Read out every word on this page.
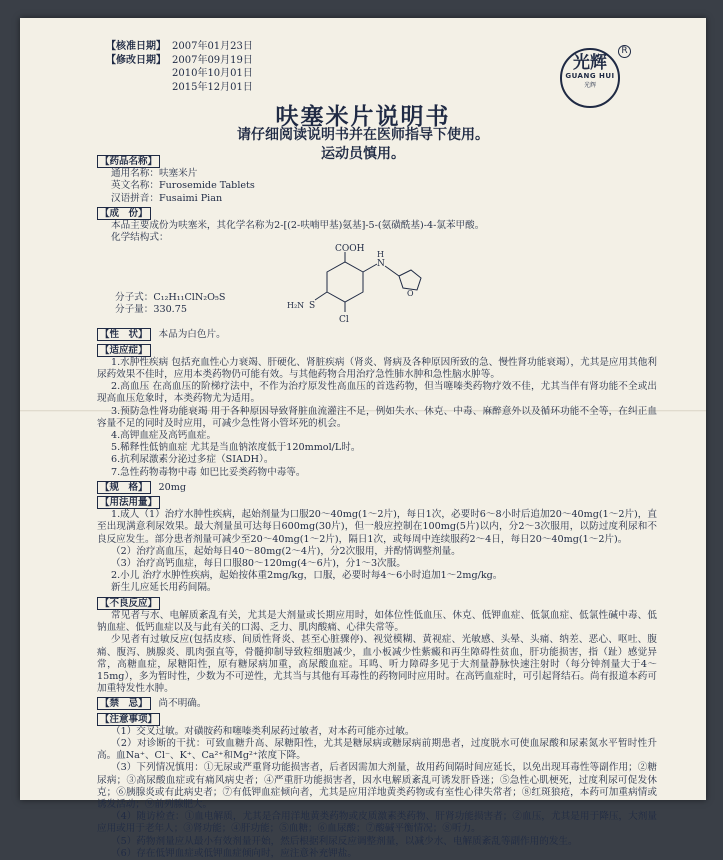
【核准日期】 2007年01月23日
【修改日期】 2007年09月19日
2010年10月01日
2015年12月01日
光辉
GUANG HUI
光辉
R
呋塞米片说明书
请仔细阅读说明书并在医师指导下使用。
运动员慎用。
【药品名称】
通用名称：呋塞米片
英文名称：Furosemide Tablets
汉语拼音：Fusaimi Pian
【成　份】

本品主要成份为呋塞米，其化学名称为2-[(2-呋喃甲基)氨基]-5-(氨磺酰基)-4-氯苯甲酸。

化学结构式：
COOH
N
H
O
S
H₂N
Cl
分子式：C₁₂H₁₁ClN₂O₅S
分子量：330.75
【性　状】	本品为白色片。
【适应症】

1.水肿性疾病 包括充血性心力衰竭、肝硬化、肾脏疾病（肾炎、肾病及各种原因所致的急、慢性肾功能衰竭），尤其是应用其他利尿药效果不佳时，应用本类药物仍可能有效。与其他药物合用治疗急性肺水肿和急性脑水肿等。

2.高血压 在高血压的阶梯疗法中，不作为治疗原发性高血压的首选药物，但当噻嗪类药物疗效不佳，尤其当伴有肾功能不全或出现高血压危象时，本类药物尤为适用。

3.预防急性肾功能衰竭 用于各种原因导致肾脏血流灌注不足，例如失水、休克、中毒、麻醉意外以及循环功能不全等，在纠正血容量不足的同时及时应用，可减少急性肾小管坏死的机会。

4.高钾血症及高钙血症。

5.稀释性低钠血症 尤其是当血钠浓度低于120mmol/L时。

6.抗利尿激素分泌过多症（SIADH）。

7.急性药物毒物中毒 如巴比妥类药物中毒等。

【规　格】	20mg
【用法用量】

1.成人（1）治疗水肿性疾病，起始剂量为口服20～40mg(1～2片)，每日1次，必要时6～8小时后追加20～40mg(1～2片)，直至出现满意利尿效果。最大剂量虽可达每日600mg(30片)，但一般应控制在100mg(5片)以内，分2～3次服用，以防过度利尿和不良反应发生。部分患者剂量可减少至20～40mg(1～2片)，隔日1次，或每周中连续服药2～4日，每日20～40mg(1～2片)。

（2）治疗高血压，起始每日40～80mg(2～4片)，分2次服用，并酌情调整剂量。

（3）治疗高钙血症，每日口服80～120mg(4～6片)，分1～3次服。

2.小儿 治疗水肿性疾病，起始按体重2mg/kg，口服，必要时每4～6小时追加1～2mg/kg。

新生儿应延长用药间隔。

【不良反应】

常见者与水、电解质紊乱有关，尤其是大剂量或长期应用时，如体位性低血压、休克、低钾血症、低氯血症、低氯性碱中毒、低钠血症、低钙血症以及与此有关的口渴、乏力、肌肉酸痛、心律失常等。

少见者有过敏反应(包括皮疹、间质性肾炎、甚至心脏骤停)、视觉模糊、黄视症、光敏感、头晕、头痛、纳差、恶心、呕吐、腹痛、腹泻、胰腺炎、肌肉强直等，骨髓抑制导致粒细胞减少，血小板减少性紫癜和再生障碍性贫血，肝功能损害，指（趾）感觉异常，高糖血症，尿糖阳性，原有糖尿病加重，高尿酸血症。耳鸣、听力障碍多见于大剂量静脉快速注射时（每分钟剂量大于4～15mg），多为暂时性，少数为不可逆性，尤其当与其他有耳毒性的药物同时应用时。在高钙血症时，可引起肾结石。尚有报道本药可加重特发性水肿。

【禁　忌】	尚不明确。
【注意事项】

（1）交叉过敏。对磺胺药和噻嗪类利尿药过敏者，对本药可能亦过敏。

（2）对诊断的干扰：可致血糖升高、尿糖阳性，尤其是糖尿病或糖尿病前期患者，过度脱水可使血尿酸和尿素氮水平暂时性升高。血Na⁺、Cl⁻、K⁺、Ca²⁺和Mg²⁺浓度下降。

（3）下列情况慎用：①无尿或严重肾功能损害者，后者因需加大剂量，故用药间隔时间应延长，以免出现耳毒性等副作用；②糖尿病；③高尿酸血症或有痛风病史者；④严重肝功能损害者，因水电解质紊乱可诱发肝昏迷；⑤急性心肌梗死，过度利尿可促发休克；⑥胰腺炎或有此病史者；⑦有低钾血症倾向者，尤其是应用洋地黄类药物或有室性心律失常者；⑧红斑狼疮，本药可加重病情或诱发活动；⑨前列腺肥大。

（4）随访检查：①血电解质，尤其是合用洋地黄类药物或皮质激素类药物、肝肾功能损害者；②血压，尤其是用于降压，大剂量应用或用于老年人；③肾功能；④肝功能；⑤血糖；⑥血尿酸；⑦酸碱平衡情况；⑧听力。

（5）药物剂量应从最小有效剂量开始，然后根据利尿反应调整剂量，以减少水、电解质紊乱等副作用的发生。

（6）存在低钾血症或低钾血症倾向时，应注意补充钾盐。
